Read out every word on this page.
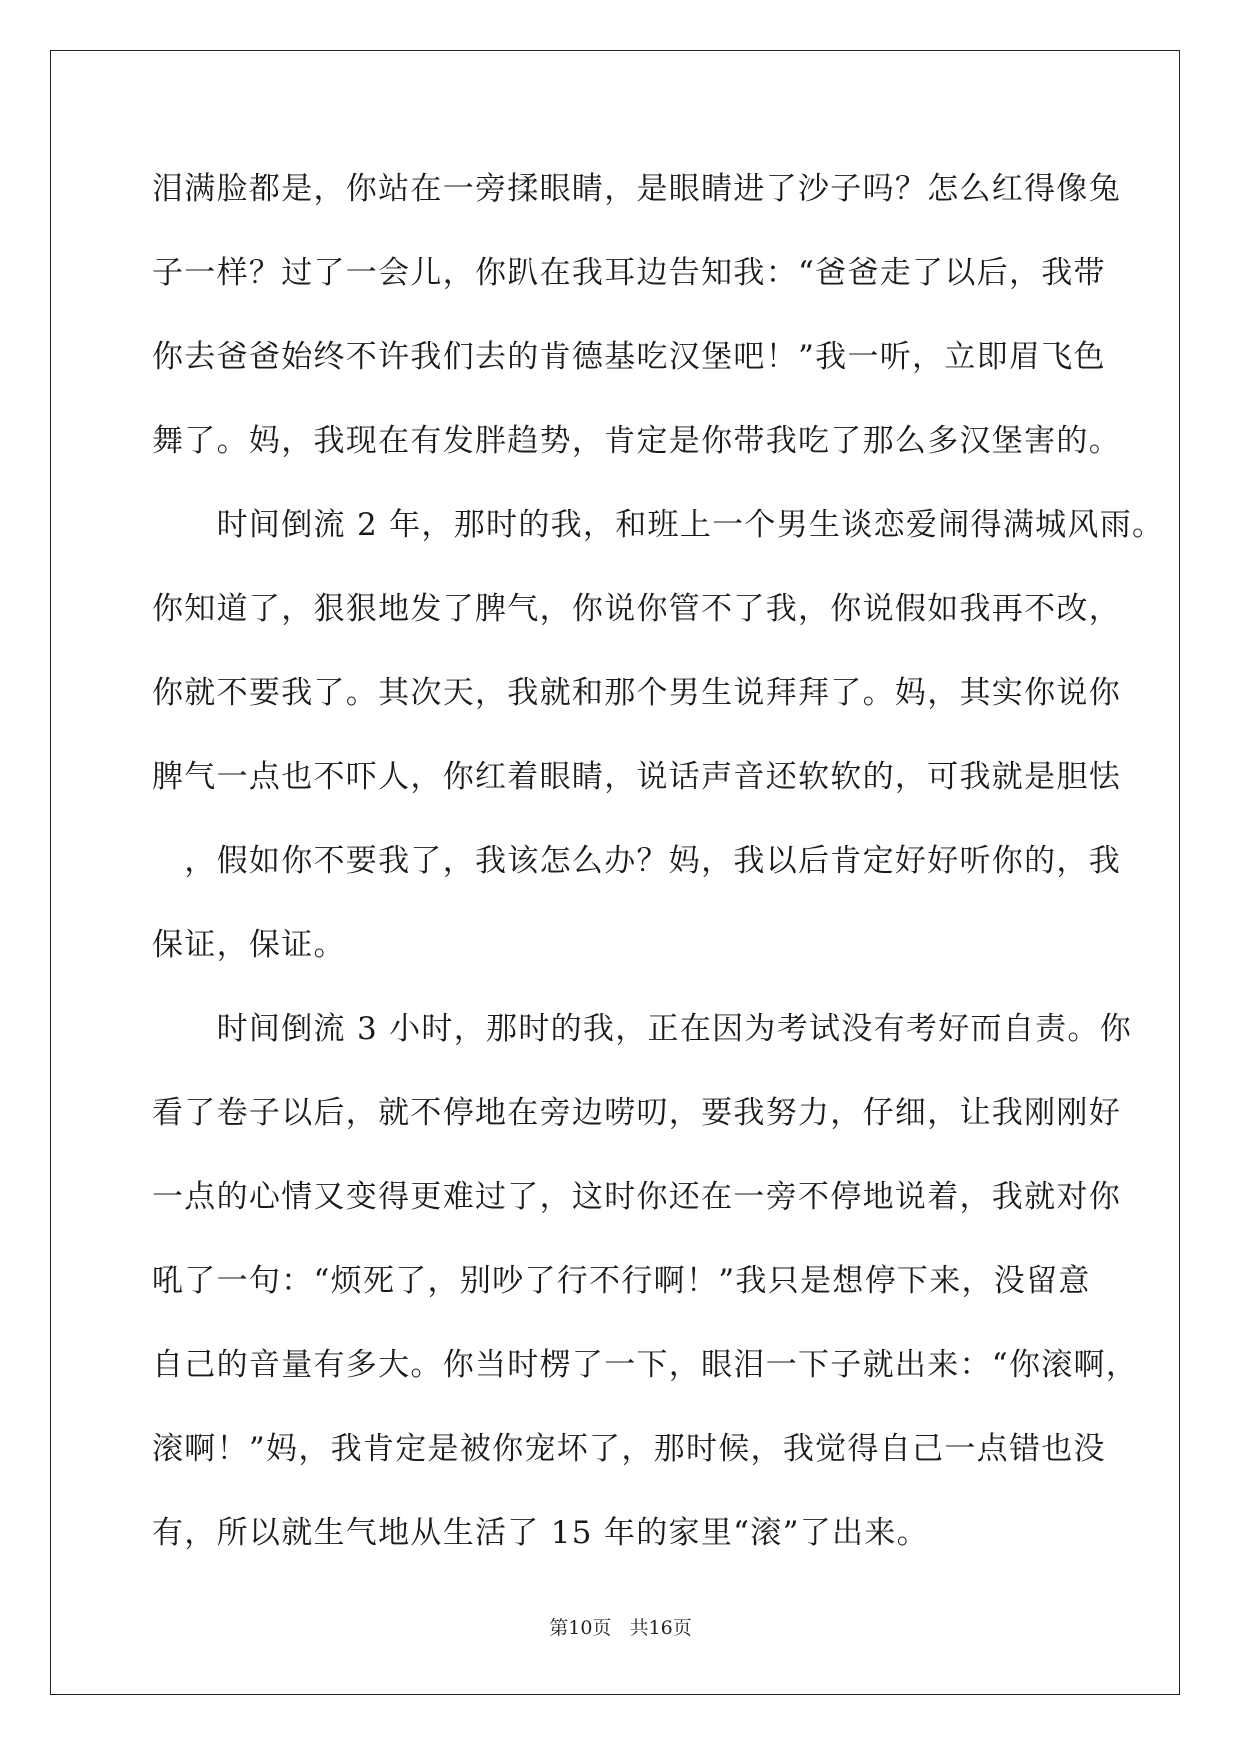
泪满脸都是，你站在一旁揉眼睛，是眼睛进了沙子吗？怎么红得像兔
子一样？过了一会儿，你趴在我耳边告知我：“爸爸走了以后，我带
你去爸爸始终不许我们去的肯德基吃汉堡吧！”我一听，立即眉飞色
舞了。妈，我现在有发胖趋势，肯定是你带我吃了那么多汉堡害的。
　　时间倒流 2 年，那时的我，和班上一个男生谈恋爱闹得满城风雨。
你知道了，狠狠地发了脾气，你说你管不了我，你说假如我再不改，
你就不要我了。其次天，我就和那个男生说拜拜了。妈，其实你说你
脾气一点也不吓人，你红着眼睛，说话声音还软软的，可我就是胆怯
　，假如你不要我了，我该怎么办？妈，我以后肯定好好听你的，我
保证，保证。
　　时间倒流 3 小时，那时的我，正在因为考试没有考好而自责。你
看了卷子以后，就不停地在旁边唠叨，要我努力，仔细，让我刚刚好
一点的心情又变得更难过了，这时你还在一旁不停地说着，我就对你
吼了一句：“烦死了，别吵了行不行啊！”我只是想停下来，没留意
自己的音量有多大。你当时楞了一下，眼泪一下子就出来：“你滚啊，
滚啊！”妈，我肯定是被你宠坏了，那时候，我觉得自己一点错也没
有，所以就生气地从生活了 15 年的家里“滚”了出来。
第10页 共16页
